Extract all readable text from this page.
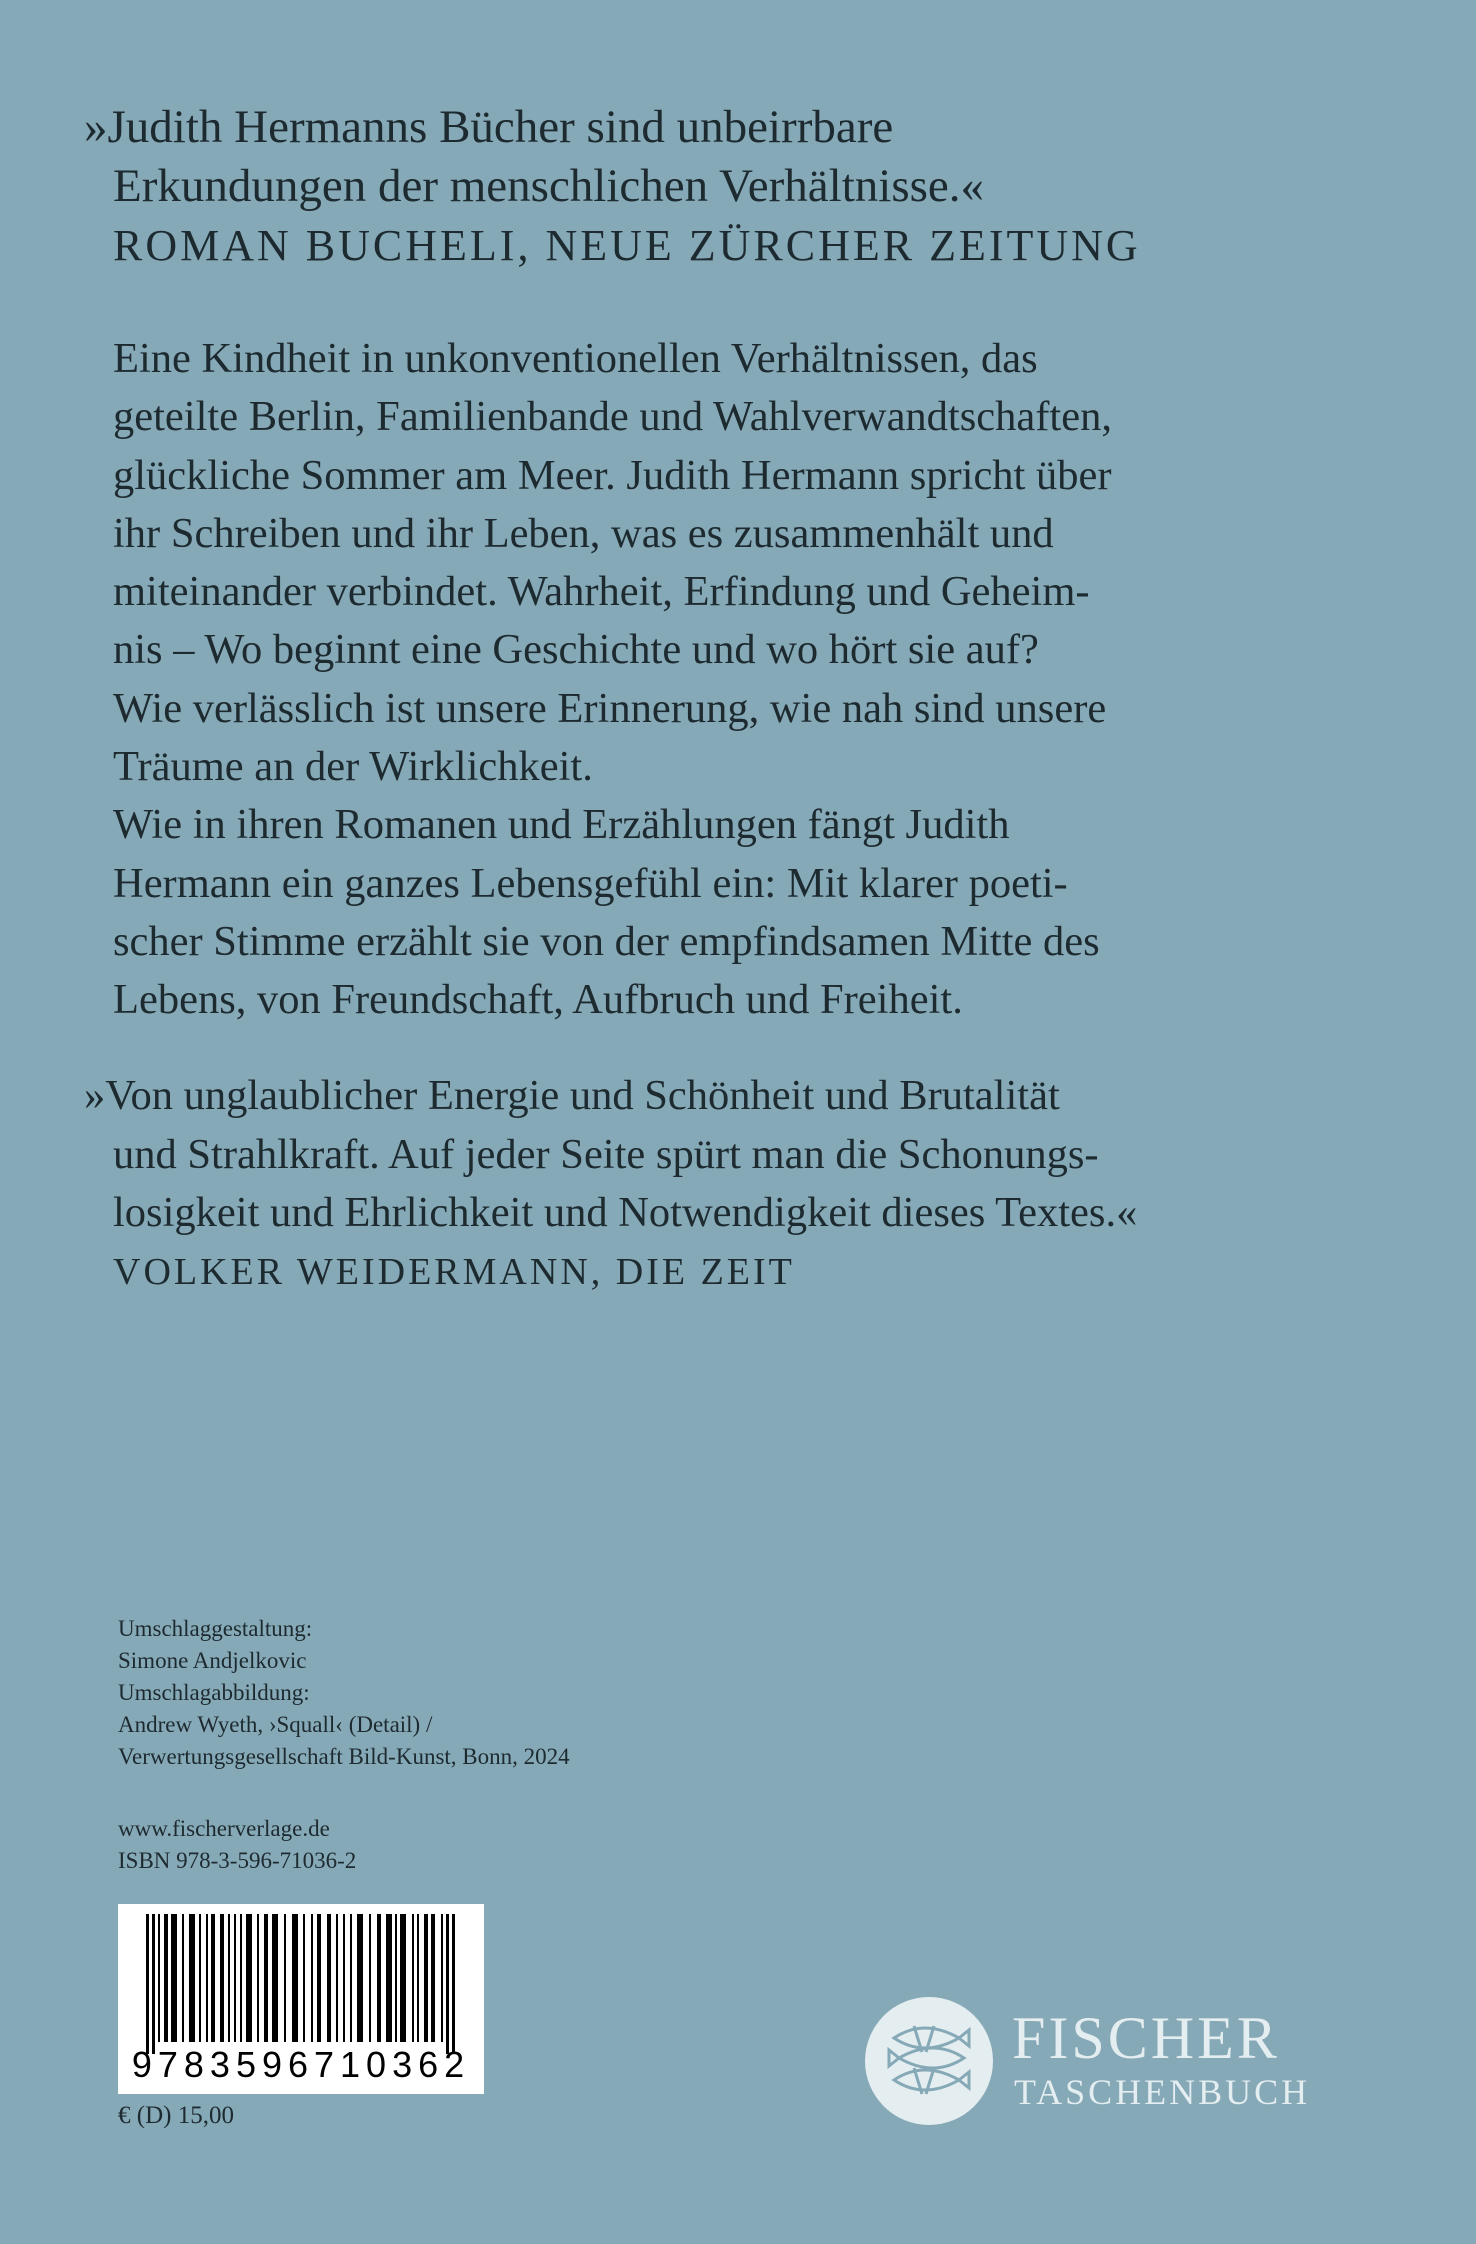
»Judith Hermanns Bücher sind unbeirrbare
Erkundungen der menschlichen Verhältnisse.«

ROMAN BUCHELI, NEUE ZÜRCHER ZEITUNG

Eine Kindheit in unkonventionellen Verhältnissen, das
geteilte Berlin, Familienbande und Wahlverwandtschaften,
glückliche Sommer am Meer. Judith Hermann spricht über
ihr Schreiben und ihr Leben, was es zusammenhält und
miteinander verbindet. Wahrheit, Erfindung und Geheim-
nis – Wo beginnt eine Geschichte und wo hört sie auf?
Wie verlässlich ist unsere Erinnerung, wie nah sind unsere
Träume an der Wirklichkeit.
Wie in ihren Romanen und Erzählungen fängt Judith
Hermann ein ganzes Lebensgefühl ein: Mit klarer poeti-
scher Stimme erzählt sie von der empfindsamen Mitte des
Lebens, von Freundschaft, Aufbruch und Freiheit.

»Von unglaublicher Energie und Schönheit und Brutalität
und Strahlkraft. Auf jeder Seite spürt man die Schonungs-
losigkeit und Ehrlichkeit und Notwendigkeit dieses Textes.«

VOLKER WEIDERMANN, DIE ZEIT

Umschlaggestaltung:
Simone Andjelkovic
Umschlagabbildung:
Andrew Wyeth, ›Squall‹ (Detail) /
Verwertungsgesellschaft Bild-Kunst, Bonn, 2024
www.fischerverlage.de
ISBN 978-3-596-71036-2
9783596710362
€ (D) 15,00
FISCHER
TASCHENBUCH
